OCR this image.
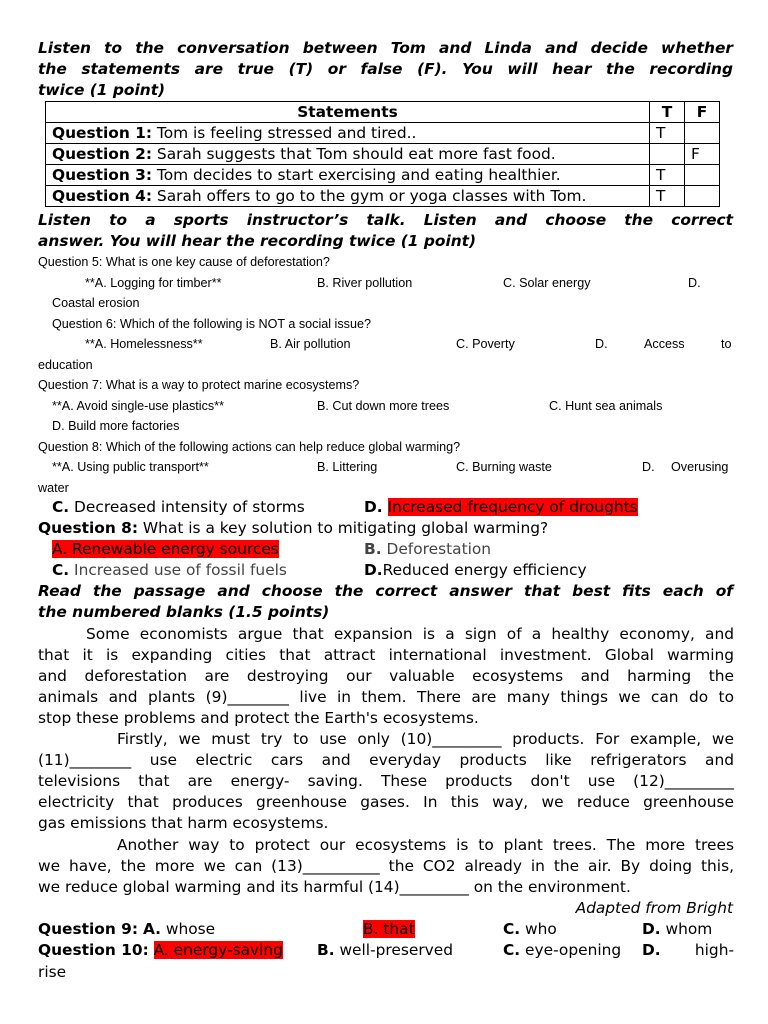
Listen to the conversation between Tom and Linda and decide whether
the statements are true (T) or false (F). You will hear the recording
twice (1 point)
Statements	T	F
Question 1: Tom is feeling stressed and tired..	T	
Question 2: Sarah suggests that Tom should eat more fast food.		F
Question 3: Tom decides to start exercising and eating healthier.	T	
Question 4: Sarah offers to go to the gym or yoga classes with Tom.	T	
Listen to a sports instructor’s talk. Listen and choose the correct
answer. You will hear the recording twice (1 point)
Question 5: What is one key cause of deforestation?
**A. Logging for timber**	B. River pollution	C. Solar energy	D.
Coastal erosion
Question 6: Which of the following is NOT a social issue?
**A. Homelessness**	B. Air pollution	C. Poverty	D.	Access	to
education
Question 7: What is a way to protect marine ecosystems?
**A. Avoid single-use plastics**	B. Cut down more trees	C. Hunt sea animals
D. Build more factories
Question 8: Which of the following actions can help reduce global warming?
**A. Using public transport**	B. Littering	C. Burning waste	D. Overusing
water
C. Decreased intensity of storms	D. Increased frequency of droughts
Question 8: What is a key solution to mitigating global warming?
A. Renewable energy sources	B. Deforestation
C. Increased use of fossil fuels	D.Reduced energy efficiency
Read the passage and choose the correct answer that best fits each of
the numbered blanks (1.5 points)
Some economists argue that expansion is a sign of a healthy economy, and
that it is expanding cities that attract international investment. Global warming
and deforestation are destroying our valuable ecosystems and harming the
animals and plants (9)________ live in them. There are many things we can do to
stop these problems and protect the Earth's ecosystems.
Firstly, we must try to use only (10)_________ products. For example, we
(11)________ use electric cars and everyday products like refrigerators and
televisions that are energy- saving. These products don't use (12)_________
electricity that produces greenhouse gases. In this way, we reduce greenhouse
gas emissions that harm ecosystems.
Another way to protect our ecosystems is to plant trees. The more trees
we have, the more we can (13)__________ the CO2 already in the air. By doing this,
we reduce global warming and its harmful (14)_________ on the environment.
Adapted from Bright
Question 9: A. whose	B. that	C. who	D. whom
Question 10: A. energy-saving B. well-preserved	C. eye-opening D. high-
rise
